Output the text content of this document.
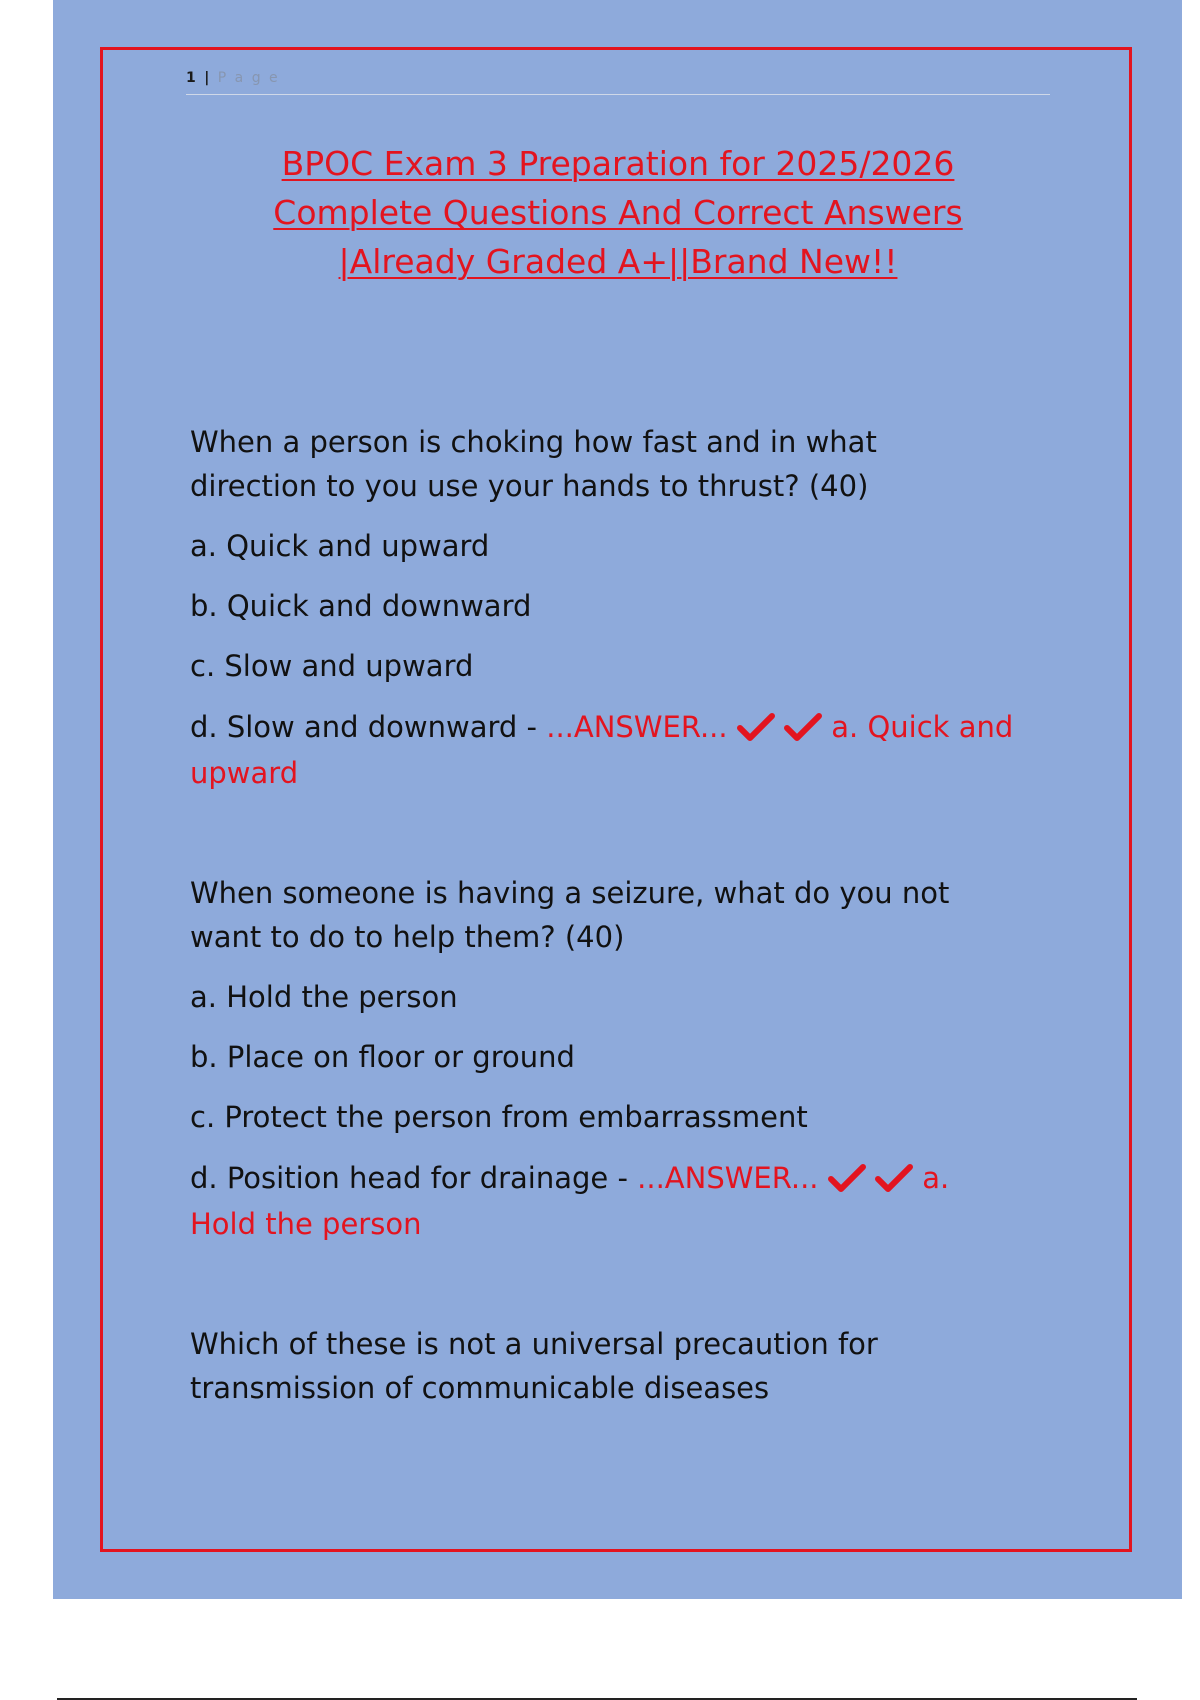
1 | P a g e
BPOC Exam 3 Preparation for 2025/2026
Complete Questions And Correct Answers
|Already Graded A+||Brand New!!
When a person is choking how fast and in what
direction to you use your hands to thrust? (40)
a. Quick and upward
b. Quick and downward
c. Slow and upward
d. Slow and downward - ...ANSWER...	a. Quick and
upward
When someone is having a seizure, what do you not
want to do to help them? (40)
a. Hold the person
b. Place on floor or ground
c. Protect the person from embarrassment
d. Position head for drainage - ...ANSWER...	a.
Hold the person
Which of these is not a universal precaution for
transmission of communicable diseases
